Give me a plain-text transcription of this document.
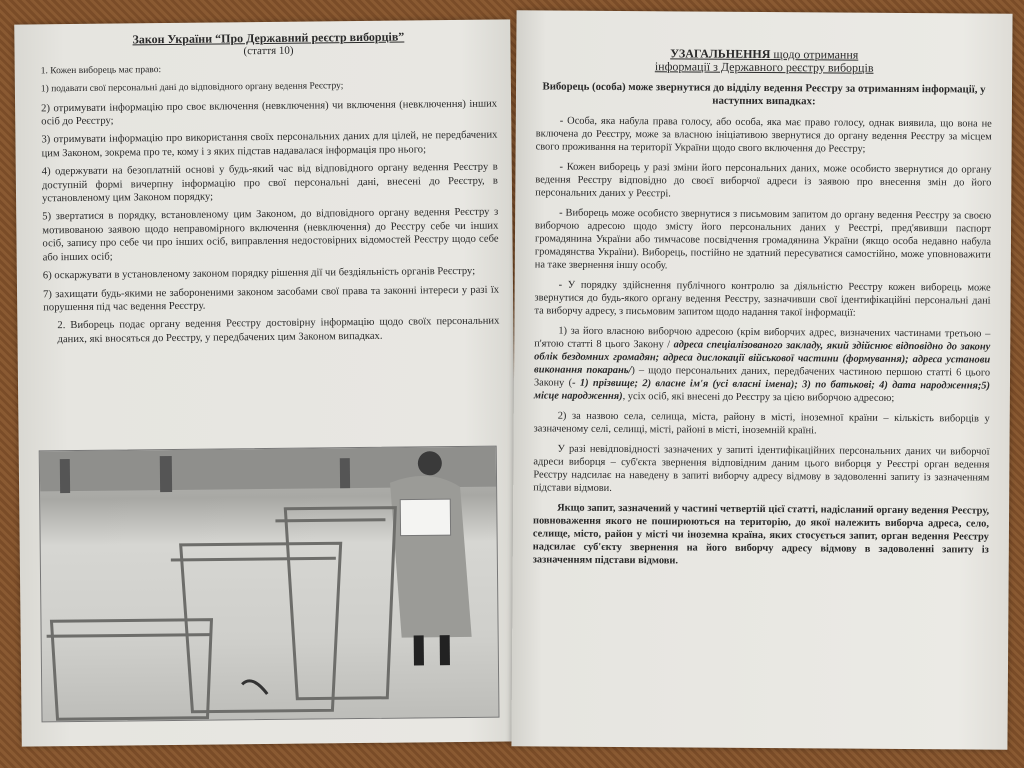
Закон України “Про Державний реєстр виборців”

(стаття 10)

1. Кожен виборець має право:

1) подавати свої персональні дані до відповідного органу ведення Реєстру;

2) отримувати інформацію про своє включення (невключення) чи включення (невключення) інших осіб до Реєстру;

3) отримувати інформацію про використання своїх персональних даних для цілей, не передбачених цим Законом, зокрема про те, кому і з яких підстав надавалася інформація про нього;

4) одержувати на безоплатній основі у будь-який час від відповідного органу ведення Реєстру в доступній формі вичерпну інформацію про свої персональні дані, внесені до Реєстру, в установленому цим Законом порядку;

5) звертатися в порядку, встановленому цим Законом, до відповідного органу ведення Реєстру з мотивованою заявою щодо неправомірного включення (невключення) до Реєстру себе чи інших осіб, запису про себе чи про інших осіб, виправлення недостовірних відомостей Реєстру щодо себе або інших осіб;

6) оскаржувати в установленому законом порядку рішення дії чи бездіяльність органів Реєстру;

7) захищати будь-якими не забороненими законом засобами свої права та законні інтереси у разі їх порушення під час ведення Реєстру.

2. Виборець подає органу ведення Реєстру достовірну інформацію щодо своїх персональних даних, які вносяться до Реєстру, у передбачених цим Законом випадках.

УЗАГАЛЬНЕННЯ щодо отримання

інформації з Державного реєстру виборців

Виборець (особа) може звернутися до відділу ведення Реєстру за отриманням інформації, у наступних випадках:

- Особа, яка набула права голосу, або особа, яка має право голосу, однак виявила, що вона не включена до Реєстру, може за власною ініціативою звернутися до органу ведення Реєстру за місцем свого проживання на території України щодо свого включення до Реєстру;

- Кожен виборець у разі зміни його персональних даних, може особисто звернутися до органу ведення Реєстру відповідно до своєї виборчої адреси із заявою про внесення змін до його персональних даних у Реєстрі.

- Виборець може особисто звернутися з письмовим запитом до органу ведення Реєстру за своєю виборчою адресою щодо змісту його персональних даних у Реєстрі, пред'явивши паспорт громадянина України або тимчасове посвідчення громадянина України (якщо особа недавно набула громадянства України). Виборець, постійно не здатний пересуватися самостійно, може уповноважити на таке звернення іншу особу.

- У порядку здійснення публічного контролю за діяльністю Реєстру кожен виборець може звернутися до будь-якого органу ведення Реєстру, зазначивши свої ідентифікаційні персональні дані та виборчу адресу, з письмовим запитом щодо надання такої інформації:

1) за його власною виборчою адресою (крім виборчих адрес, визначених частинами третьою – п'ятою статті 8 цього Закону / адреса спеціалізованого закладу, який здійснює відповідно до закону облік бездомних громадян; адреса дислокації військової частини (формування); адреса установи виконання покарань/) – щодо персональних даних, передбачених частиною першою статті 6 цього Закону (- 1) прізвище; 2) власне ім'я (усі власні імена); 3) по батькові; 4) дата народження;5) місце народження), усіх осіб, які внесені до Реєстру за цією виборчою адресою;

2) за назвою села, селища, міста, району в місті, іноземної країни – кількість виборців у зазначеному селі, селищі, місті, районі в місті, іноземній країні.

У разі невідповідності зазначених у запиті ідентифікаційних персональних даних чи виборчої адреси виборця – суб'єкта звернення відповідним даним цього виборця у Реєстрі орган ведення Реєстру надсилає на наведену в запиті виборчу адресу відмову в задоволенні запиту із зазначенням підстави відмови.

Якщо запит, зазначений у частині четвертій цієї статті, надісланий органу ведення Реєстру, повноваження якого не поширюються на територію, до якої належить виборча адреса, село, селище, місто, район у місті чи іноземна країна, яких стосується запит, орган ведення Реєстру надсилає суб'єкту звернення на його виборчу адресу відмову в задоволенні запиту із зазначенням підстави відмови.
